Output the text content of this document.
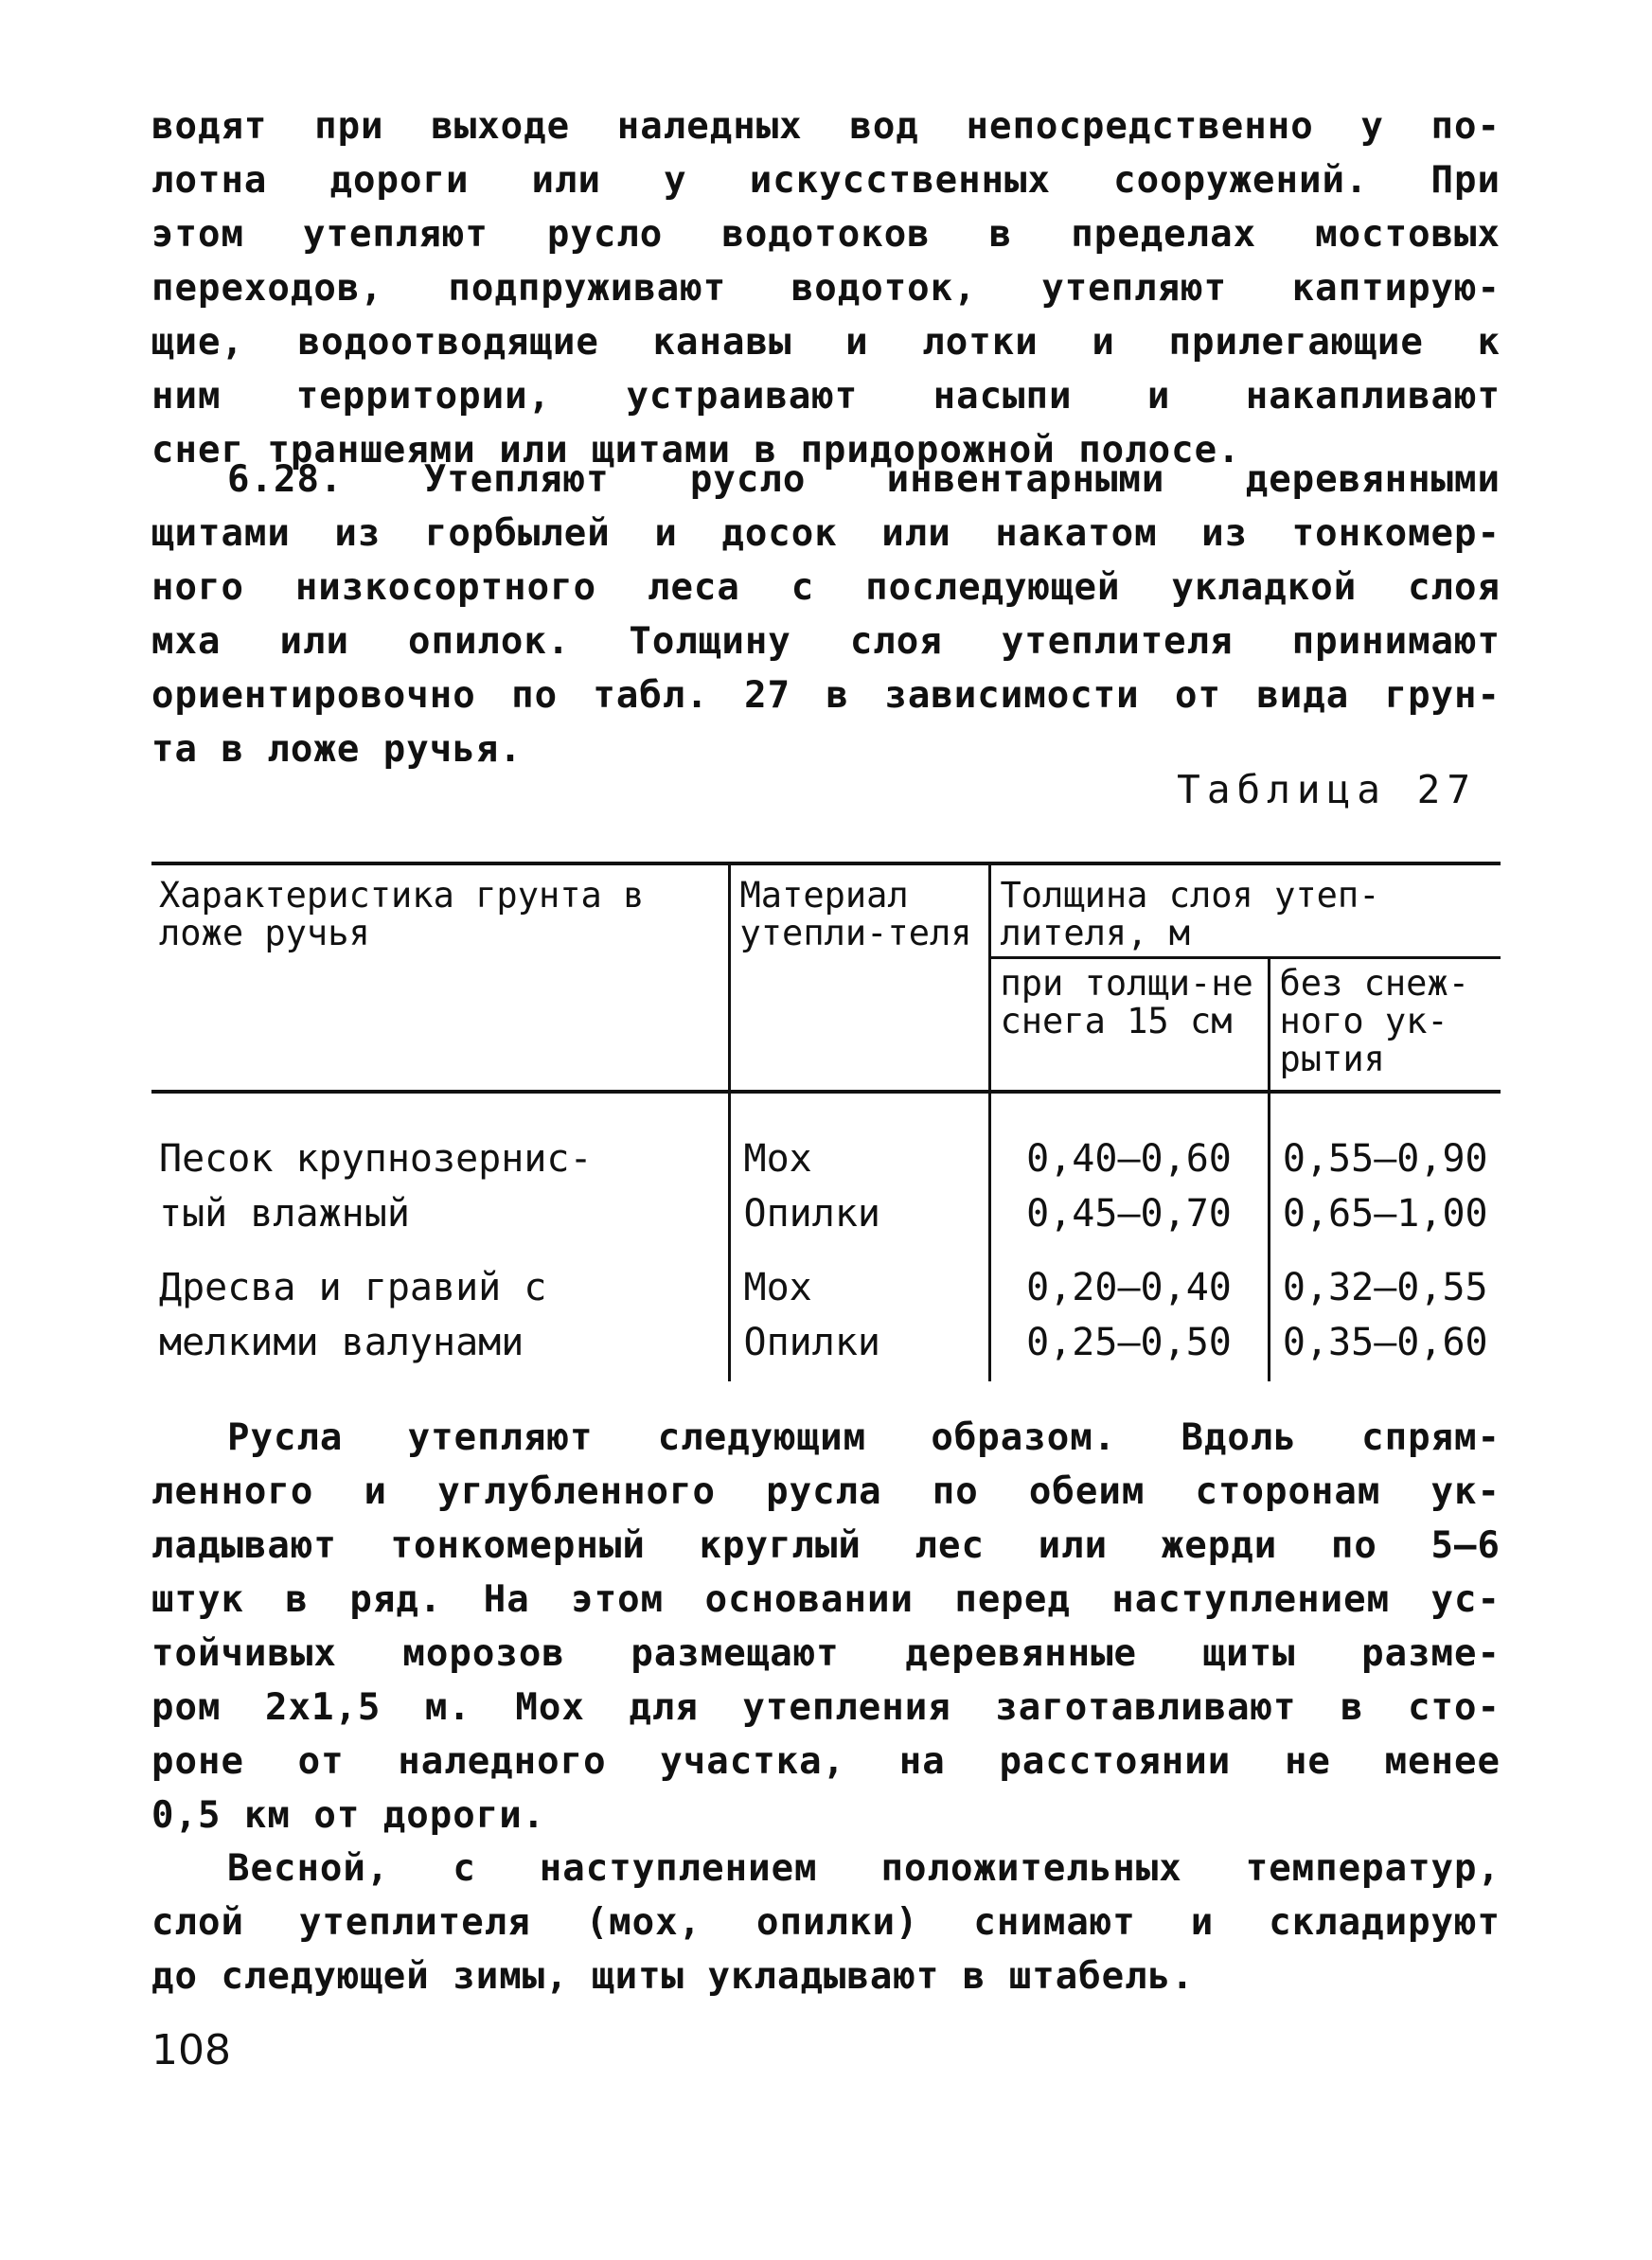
водят при выходе наледных вод непосредственно у по-

лотна дороги или у искусственных сооружений. При

этом утепляют русло водотоков в пределах мостовых

переходов, подпруживают водоток, утепляют каптирую-

щие, водоотводящие канавы и лотки и прилегающие к

ним территории, устраивают насыпи и накапливают

снег траншеями или щитами в придорожной полосе.

6.28. Утепляют русло инвентарными деревянными

щитами из горбылей и досок или накатом из тонкомер-

ного низкосортного леса с последующей укладкой слоя

мха или опилок. Толщину слоя утеплителя принимают

ориентировочно по табл. 27 в зависимости от вида грун-

та в ложе ручья.

Таблица 27
Характеристика грунта в ложе ручья	Материал утепли-теля	Толщина слоя утеп-лителя, м	
		при толщи-не снега 15 см	без снеж-ного ук-рытия

Песок крупнозернис-	Мох	0,40–0,60	0,55–0,90
тый влажный	Опилки	0,45–0,70	0,65–1,00

Дресва и гравий с	Мох	0,20–0,40	0,32–0,55
мелкими валунами	Опилки	0,25–0,50	0,35–0,60

Русла утепляют следующим образом. Вдоль спрям-

ленного и углубленного русла по обеим сторонам ук-

ладывают тонкомерный круглый лес или жерди по 5–6

штук в ряд. На этом основании перед наступлением ус-

тойчивых морозов размещают деревянные щиты разме-

ром 2х1,5 м. Мох для утепления заготавливают в сто-

роне от наледного участка, на расстоянии не менее

0,5 км от дороги.

Весной, с наступлением положительных температур,

слой утеплителя (мох, опилки) снимают и складируют

до следующей зимы, щиты укладывают в штабель.

108
